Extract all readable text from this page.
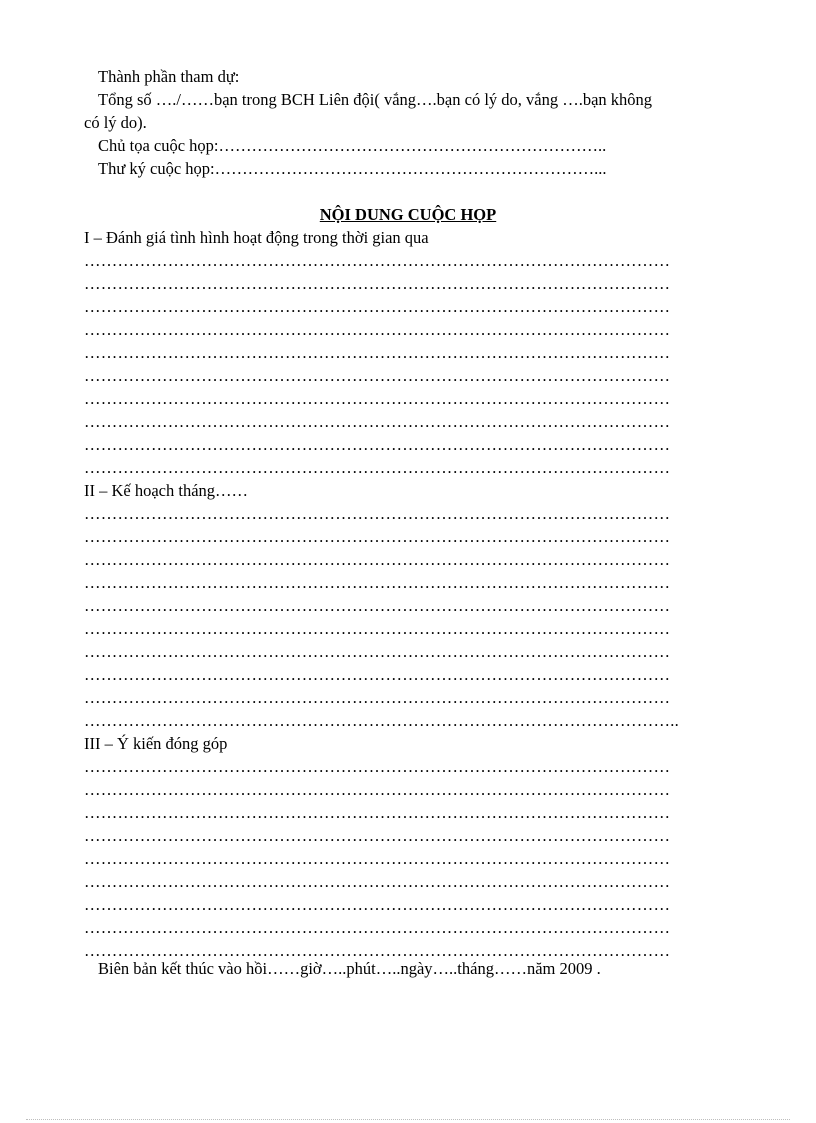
Thành phần tham dự:
Tổng số …./……bạn trong BCH Liên đội( vắng….bạn có lý do, vắng ….bạn không
có lý do).
Chủ tọa cuộc họp:……………………………………………………………..
Thư ký cuộc họp:……………………………………………………………...
NỘI DUNG CUỘC HỌP
I – Đánh giá tình hình hoạt động trong thời gian qua
……………………………………………………………………………………………
……………………………………………………………………………………………
……………………………………………………………………………………………
……………………………………………………………………………………………
……………………………………………………………………………………………
……………………………………………………………………………………………
……………………………………………………………………………………………
……………………………………………………………………………………………
……………………………………………………………………………………………
……………………………………………………………………………………………
II – Kế hoạch tháng……
……………………………………………………………………………………………
……………………………………………………………………………………………
……………………………………………………………………………………………
……………………………………………………………………………………………
……………………………………………………………………………………………
……………………………………………………………………………………………
……………………………………………………………………………………………
……………………………………………………………………………………………
……………………………………………………………………………………………
……………………………………………………………………………………………..
III – Ý kiến đóng góp
……………………………………………………………………………………………
……………………………………………………………………………………………
……………………………………………………………………………………………
……………………………………………………………………………………………
……………………………………………………………………………………………
……………………………………………………………………………………………
……………………………………………………………………………………………
……………………………………………………………………………………………
……………………………………………………………………………………………
Biên bản kết thúc vào hồi……giờ…..phút…..ngày…..tháng……năm 2009 .
